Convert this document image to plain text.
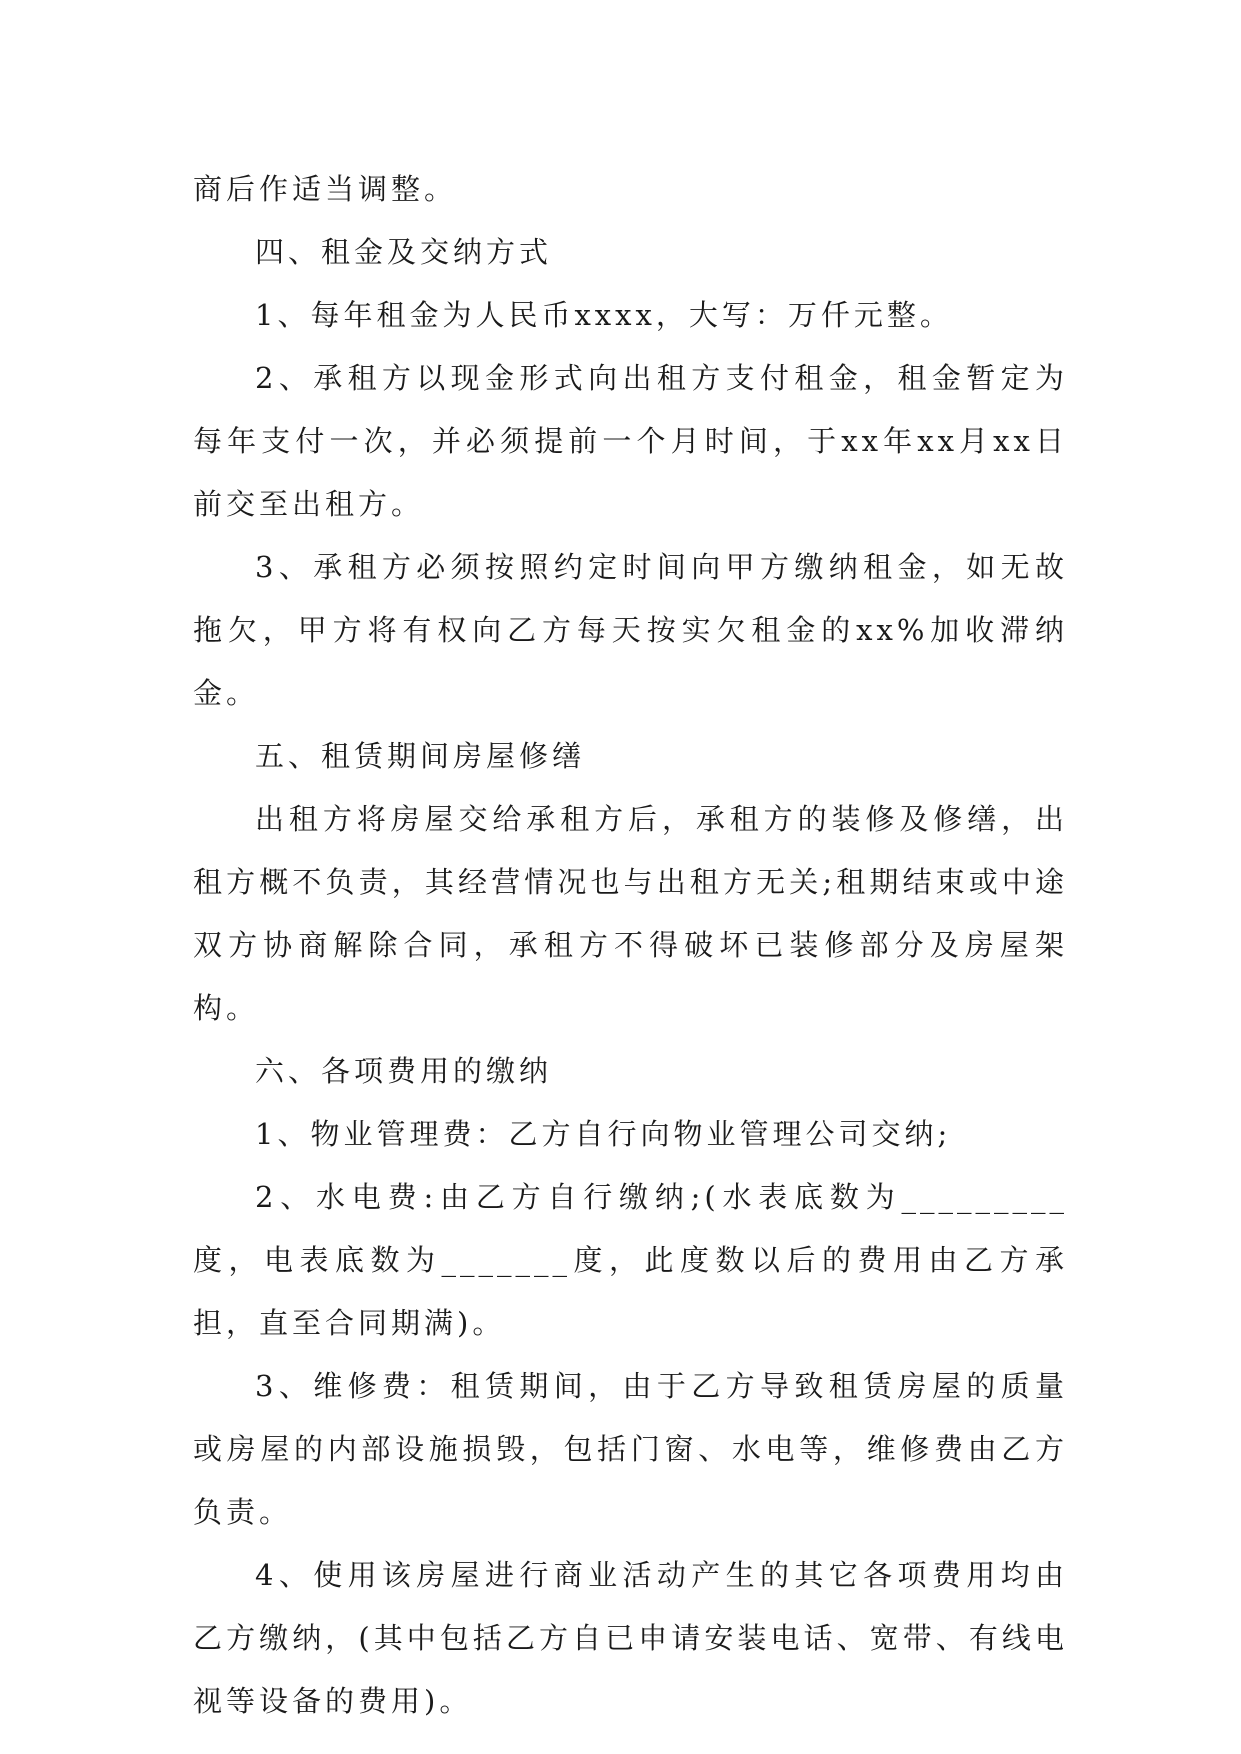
商后作适当调整。

四、租金及交纳方式

1、每年租金为人民币xxxx，大写：万仟元整。

2、承租方以现金形式向出租方支付租金，租金暂定为每年支付一次，并必须提前一个月时间，于xx年xx月xx日前交至出租方。

3、承租方必须按照约定时间向甲方缴纳租金，如无故拖欠，甲方将有权向乙方每天按实欠租金的xx%加收滞纳金。

五、租赁期间房屋修缮

出租方将房屋交给承租方后，承租方的装修及修缮，出租方概不负责，其经营情况也与出租方无关;租期结束或中途双方协商解除合同，承租方不得破坏已装修部分及房屋架构。

六、各项费用的缴纳

1、物业管理费：乙方自行向物业管理公司交纳;

2、水电费:由乙方自行缴纳;(水表底数为_________度，电表底数为_______度，此度数以后的费用由乙方承担，直至合同期满)。

3、维修费：租赁期间，由于乙方导致租赁房屋的质量或房屋的内部设施损毁，包括门窗、水电等，维修费由乙方负责。

4、使用该房屋进行商业活动产生的其它各项费用均由乙方缴纳，(其中包括乙方自已申请安装电话、宽带、有线电视等设备的费用)。
